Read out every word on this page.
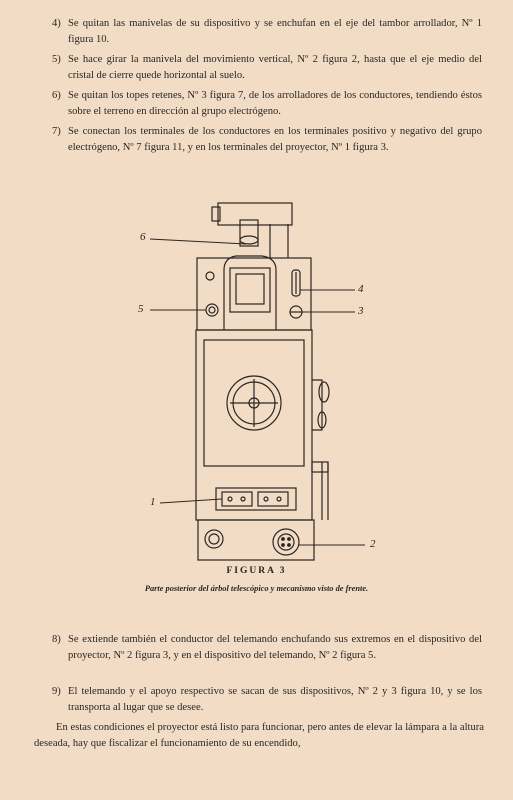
4) Se quitan las manivelas de su dispositivo y se enchufan en el eje del tambor arrollador, Nº 1 figura 10.
5) Se hace girar la manivela del movimiento vertical, Nº 2 figura 2, hasta que el eje medio del cristal de cierre quede horizontal al suelo.
6) Se quitan los topes retenes, Nº 3 figura 7, de los arrolladores de los conductores, tendiendo éstos sobre el terreno en dirección al grupo electrógeno.
7) Se conectan los terminales de los conductores en los terminales positivo y negativo del grupo electrógeno, Nº 7 figura 11, y en los terminales del proyector, Nº 1 figura 3.
6
5
4
3
1
2
FIGURA 3
Parte posterior del árbol telescópico y mecanismo visto de frente.
8) Se extiende también el conductor del telemando enchufando sus extremos en el dispositivo del proyector, Nº 2 figura 3, y en el dispositivo del telemando, Nº 2 figura 5.
9) El telemando y el apoyo respectivo se sacan de sus dispositivos, Nº 2 y 3 figura 10, y se los transporta al lugar que se desee.
En estas condiciones el proyector está listo para funcionar, pero antes de elevar la lámpara a la altura deseada, hay que fiscalizar el funcionamiento de su encendido,
